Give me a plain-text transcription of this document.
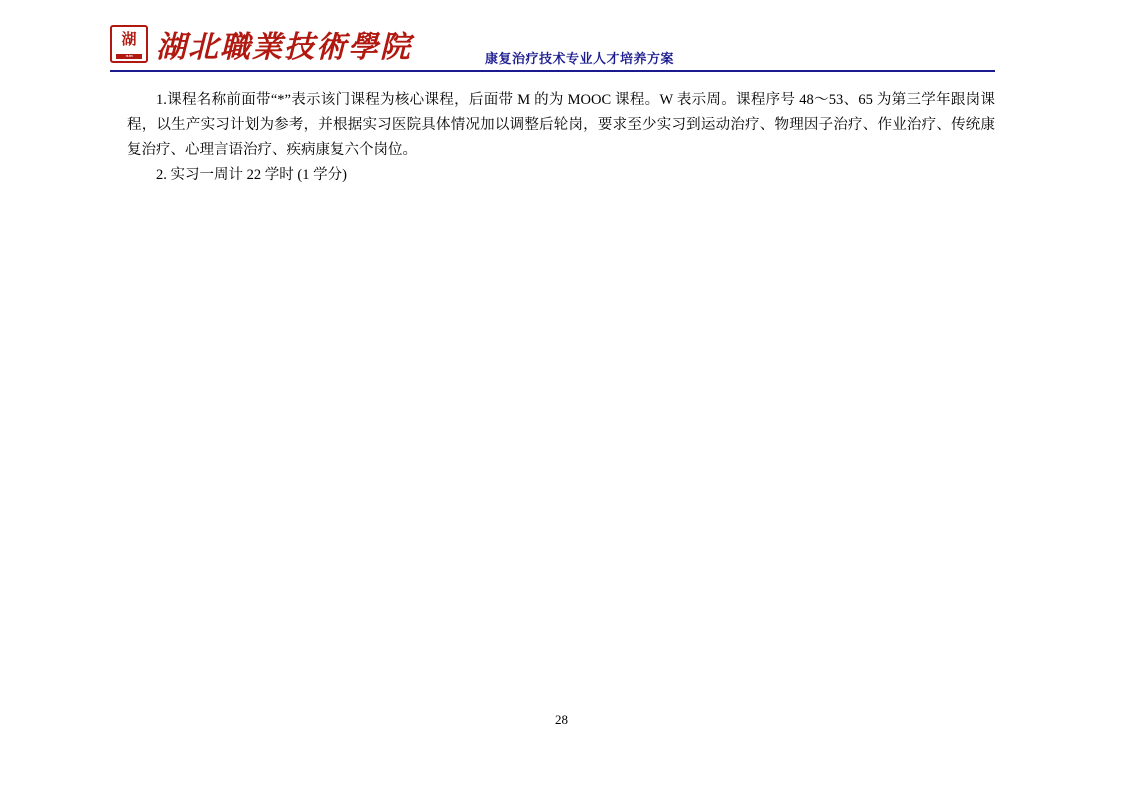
湖
HUBEI 湖北職業技術學院	康复治疗技术专业人才培养方案

1.课程名称前面带“*”表示该门课程为核心课程，后面带 M 的为 MOOC 课程。W 表示周。课程序号 48～53、65 为第三学年跟岗课程，以生产实习计划为参考，并根据实习医院具体情况加以调整后轮岗，要求至少实习到运动治疗、物理因子治疗、作业治疗、传统康复治疗、心理言语治疗、疾病康复六个岗位。

2. 实习一周计 22 学时 (1 学分)

28
